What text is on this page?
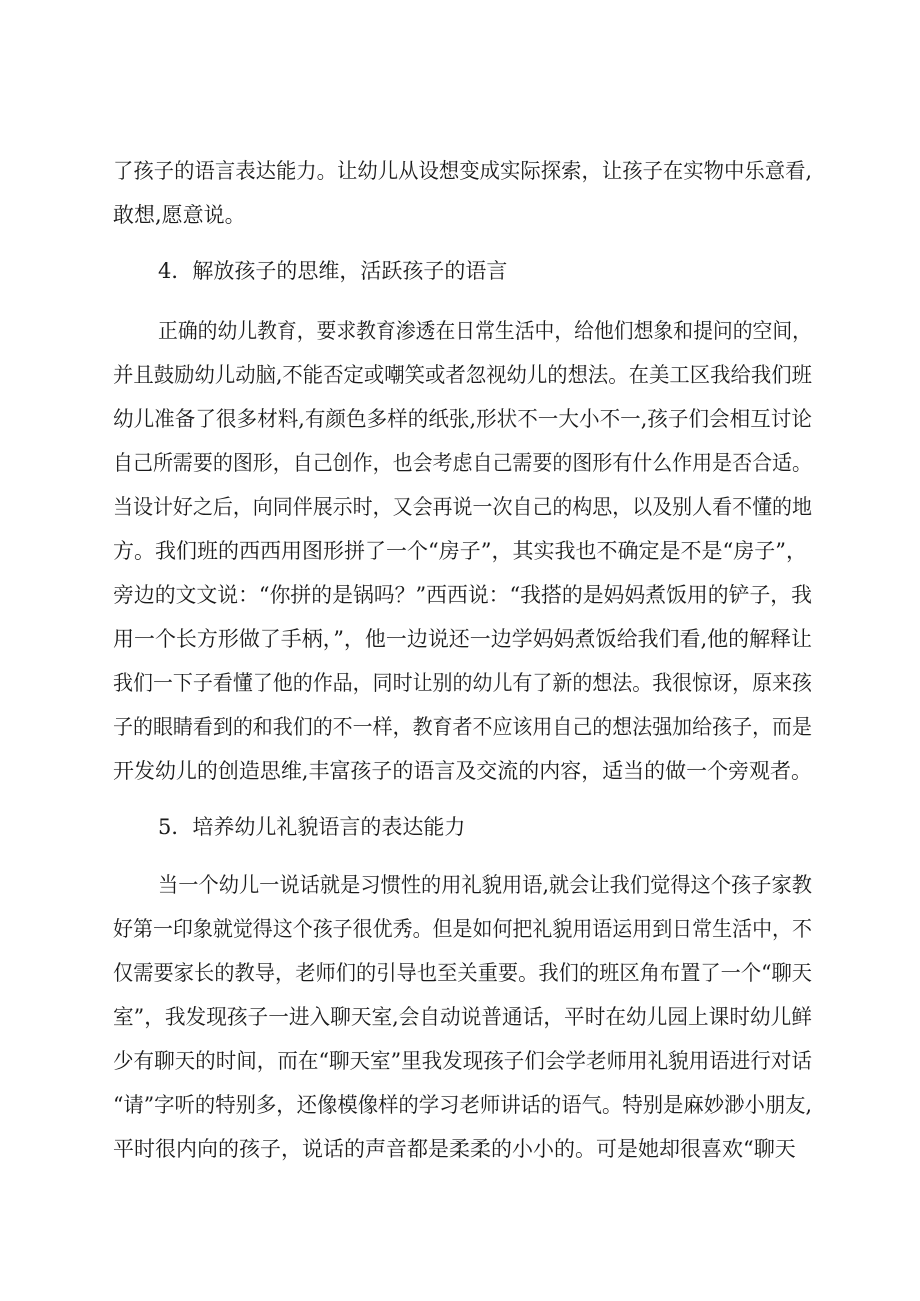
了孩子的语言表达能力。让幼儿从设想变成实际探索，让孩子在实物中乐意看,
敢想,愿意说。
4．解放孩子的思维，活跃孩子的语言
正确的幼儿教育，要求教育渗透在日常生活中，给他们想象和提问的空间，
并且鼓励幼儿动脑,不能否定或嘲笑或者忽视幼儿的想法。在美工区我给我们班
幼儿准备了很多材料,有颜色多样的纸张,形状不一大小不一,孩子们会相互讨论
自己所需要的图形，自己创作，也会考虑自己需要的图形有什么作用是否合适。
当设计好之后，向同伴展示时，又会再说一次自己的构思，以及别人看不懂的地
方。我们班的西西用图形拼了一个“房子”，其实我也不确定是不是“房子”，
旁边的文文说：“你拼的是锅吗？”西西说：“我搭的是妈妈煮饭用的铲子，我
用一个长方形做了手柄，”，他一边说还一边学妈妈煮饭给我们看,他的解释让
我们一下子看懂了他的作品，同时让别的幼儿有了新的想法。我很惊讶，原来孩
子的眼睛看到的和我们的不一样，教育者不应该用自己的想法强加给孩子，而是
开发幼儿的创造思维,丰富孩子的语言及交流的内容，适当的做一个旁观者。
5．培养幼儿礼貌语言的表达能力
当一个幼儿一说话就是习惯性的用礼貌用语,就会让我们觉得这个孩子家教
好第一印象就觉得这个孩子很优秀。但是如何把礼貌用语运用到日常生活中，不
仅需要家长的教导，老师们的引导也至关重要。我们的班区角布置了一个“聊天
室”，我发现孩子一进入聊天室,会自动说普通话，平时在幼儿园上课时幼儿鲜
少有聊天的时间，而在“聊天室”里我发现孩子们会学老师用礼貌用语进行对话
“请”字听的特别多，还像模像样的学习老师讲话的语气。特别是麻妙渺小朋友,
平时很内向的孩子，说话的声音都是柔柔的小小的。可是她却很喜欢“聊天
